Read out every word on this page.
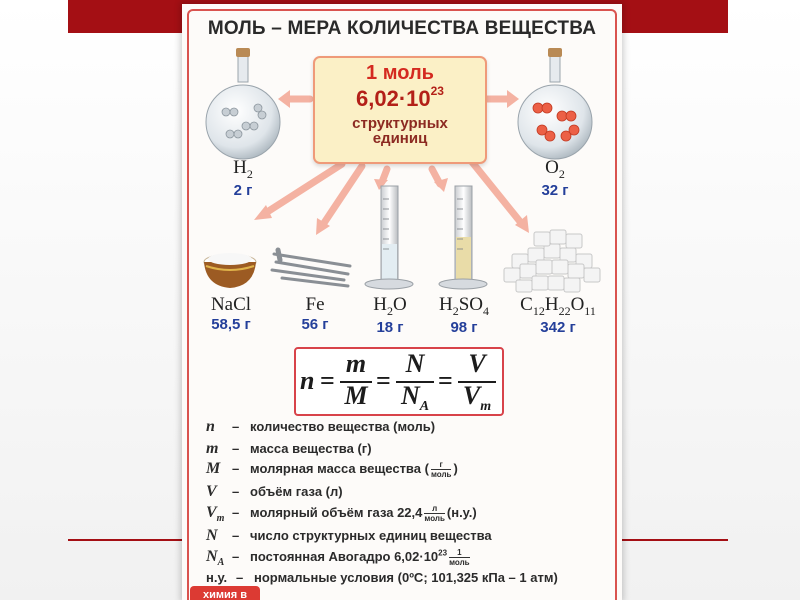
МОЛЬ – МЕРА КОЛИЧЕСТВА ВЕЩЕСТВА
1 моль
$6,02\cdot 10^{23}$
структурных
единиц
$H_2$
2 г
$O_2$
32 г
NaCl
58,5 г
Fe
56 г
$H_2O$
18 г
$H_2SO_4$
98 г
$C_{12}H_{22}O_{11}$
342 г
n =
m
M
=
N
$N_A$
=
V
$V_m$
n – количество вещества (моль)
m – масса вещества (г)
M – молярная масса вещества ( $\frac{г}{\text{моль}}$ )
V – объём газа (л)
$V_m$ – молярный объём газа $22,4 \frac{л}{\text{моль}} (н.у.)$
N – число структурных единиц вещества
$N_A$ – постоянная Авогадро $6,02\cdot 10^{23} \frac{1}{\text{моль}}$
н.у. – нормальные условия (0ºC; 101,325 кПа – 1 атм)
химия в
